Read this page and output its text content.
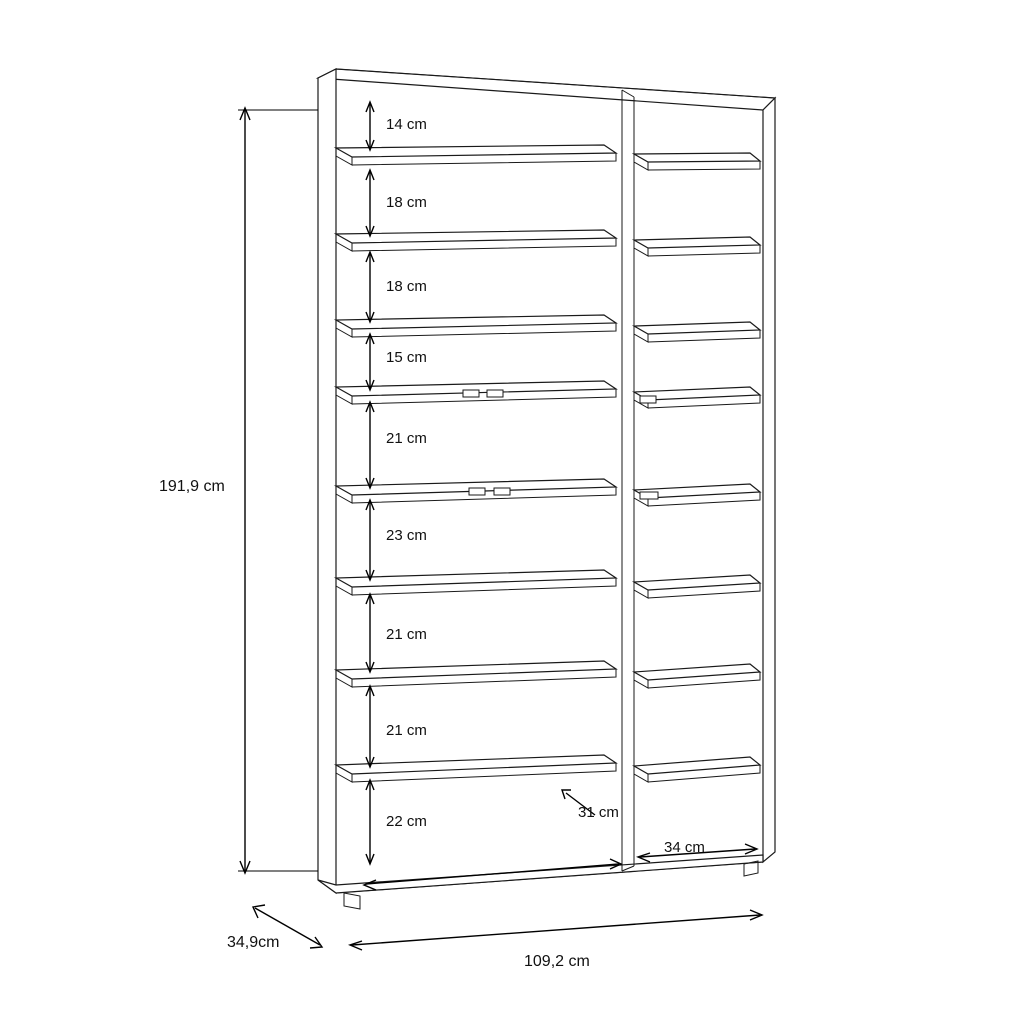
191,9 cm
14 cm
18 cm
18 cm
15 cm
21 cm
23 cm
21 cm
21 cm
22 cm
31 cm
34 cm
34,9cm
109,2 cm
